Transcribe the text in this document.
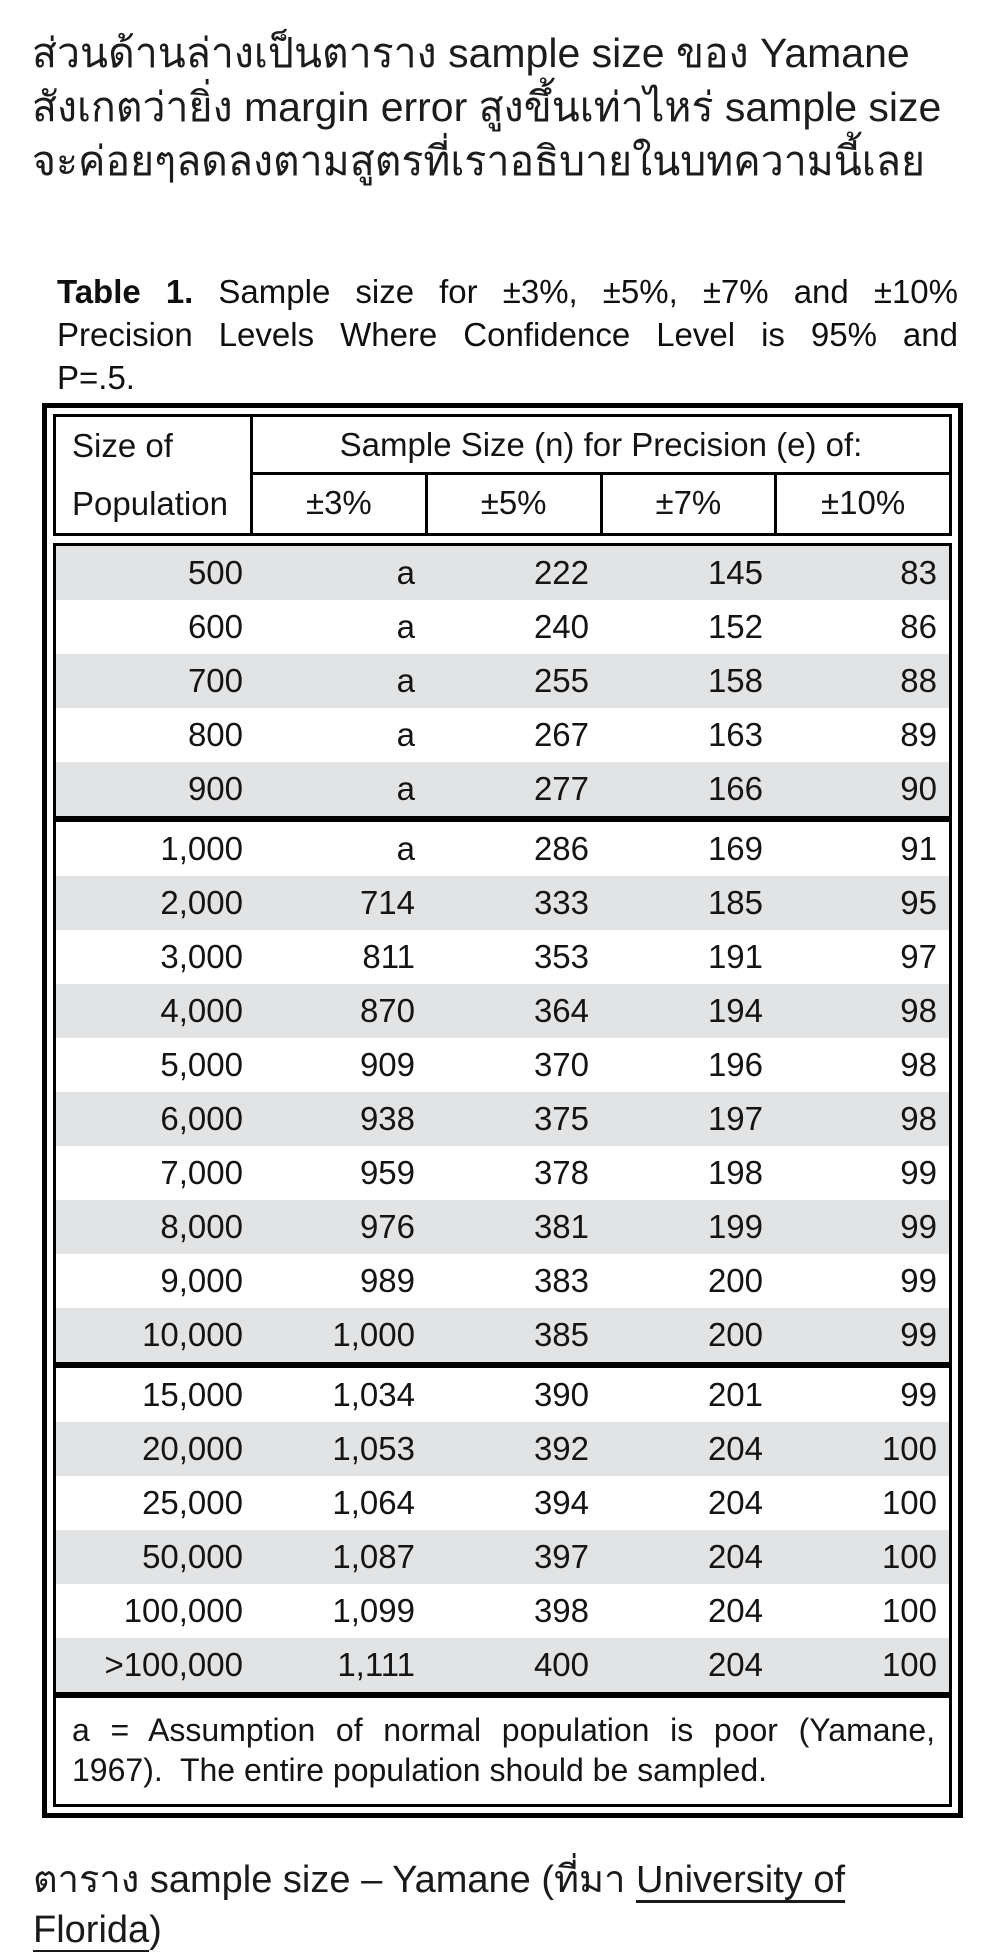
ส่วนด้านล่างเป็นตาราง sample size ของ Yamane
สังเกตว่ายิ่ง margin error สูงขึ้นเท่าไหร่ sample size
จะค่อยๆลดลงตามสูตรที่เราอธิบายในบทความนี้เลย

Table 1. Sample size for ±3%, ±5%, ±7% and ±10%
Precision Levels Where Confidence Level is 95% and
P=.5.
Size of
Population
Sample Size (n) for Precision (e) of:
±3%	±5%	±7%	±10%
500	a	222	145	83
600	a	240	152	86
700	a	255	158	88
800	a	267	163	89
900	a	277	166	90
1,000	a	286	169	91
2,000	714	333	185	95
3,000	811	353	191	97
4,000	870	364	194	98
5,000	909	370	196	98
6,000	938	375	197	98
7,000	959	378	198	99
8,000	976	381	199	99
9,000	989	383	200	99
10,000	1,000	385	200	99
15,000	1,034	390	201	99
20,000	1,053	392	204	100
25,000	1,064	394	204	100
50,000	1,087	397	204	100
100,000	1,099	398	204	100
>100,000	1,111	400	204	100
a = Assumption of normal population is poor (Yamane,
1967).  The entire population should be sampled.
ตาราง sample size – Yamane (ที่มา University of Florida)
